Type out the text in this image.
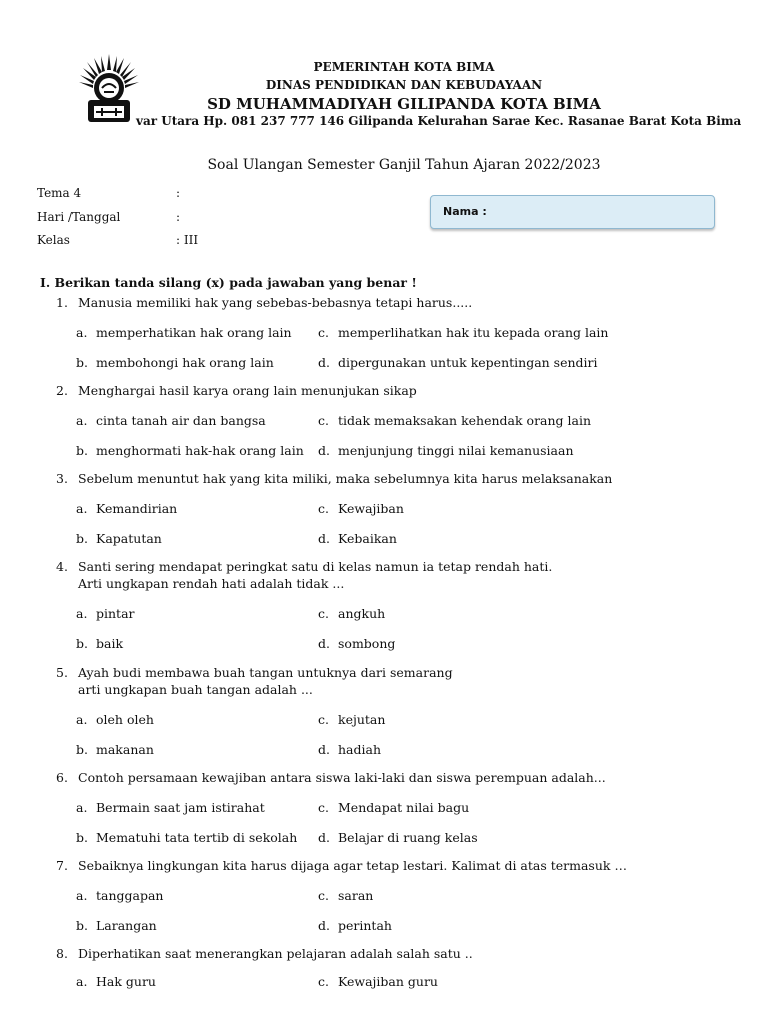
PEMERINTAH KOTA BIMA
DINAS PENDIDIKAN DAN KEBUDAYAAN
SD MUHAMMADIYAH GILIPANDA KOTA BIMA
var Utara Hp. 081 237 777 146 Gilipanda Kelurahan Sarae Kec. Rasanae Barat Kota Bima
Soal Ulangan Semester Ganjil Tahun Ajaran 2022/2023
Tema 4	:
Hari /Tanggal	:
Kelas	: III
Nama :
I. Berikan tanda silang (x) pada jawaban yang benar !
1. Manusia memiliki hak yang sebebas-bebasnya tetapi harus.....
a. memperhatikan hak orang lain c. memperlihatkan hak itu kepada orang lain
b. membohongi hak orang lain	d. dipergunakan untuk kepentingan sendiri
2. Menghargai hasil karya orang lain menunjukan sikap
a. cinta tanah air dan bangsa	c. tidak memaksakan kehendak orang lain
b. menghormati hak-hak orang lain d. menjunjung tinggi nilai kemanusiaan
3. Sebelum menuntut hak yang kita miliki, maka sebelumnya kita harus melaksanakan
a. Kemandirian	c. Kewajiban
b. Kapatutan	d. Kebaikan
4. Santi sering mendapat peringkat satu di kelas namun ia tetap rendah hati.
Arti ungkapan rendah hati adalah tidak ...
a. pintar	c. angkuh
b. baik	d. sombong
5. Ayah budi membawa buah tangan untuknya dari semarang
arti ungkapan buah tangan adalah ...
a. oleh oleh	c. kejutan
b. makanan	d. hadiah
6. Contoh persamaan kewajiban antara siswa laki-laki dan siswa perempuan adalah...
a. Bermain saat jam istirahat	c. Mendapat nilai bagu
b. Mematuhi tata tertib di sekolah d. Belajar di ruang kelas
7. Sebaiknya lingkungan kita harus dijaga agar tetap lestari. Kalimat di atas termasuk …
a. tanggapan	c. saran
b. Larangan	d. perintah
8. Diperhatikan saat menerangkan pelajaran adalah salah satu ..
a. Hak guru	c. Kewajiban guru
